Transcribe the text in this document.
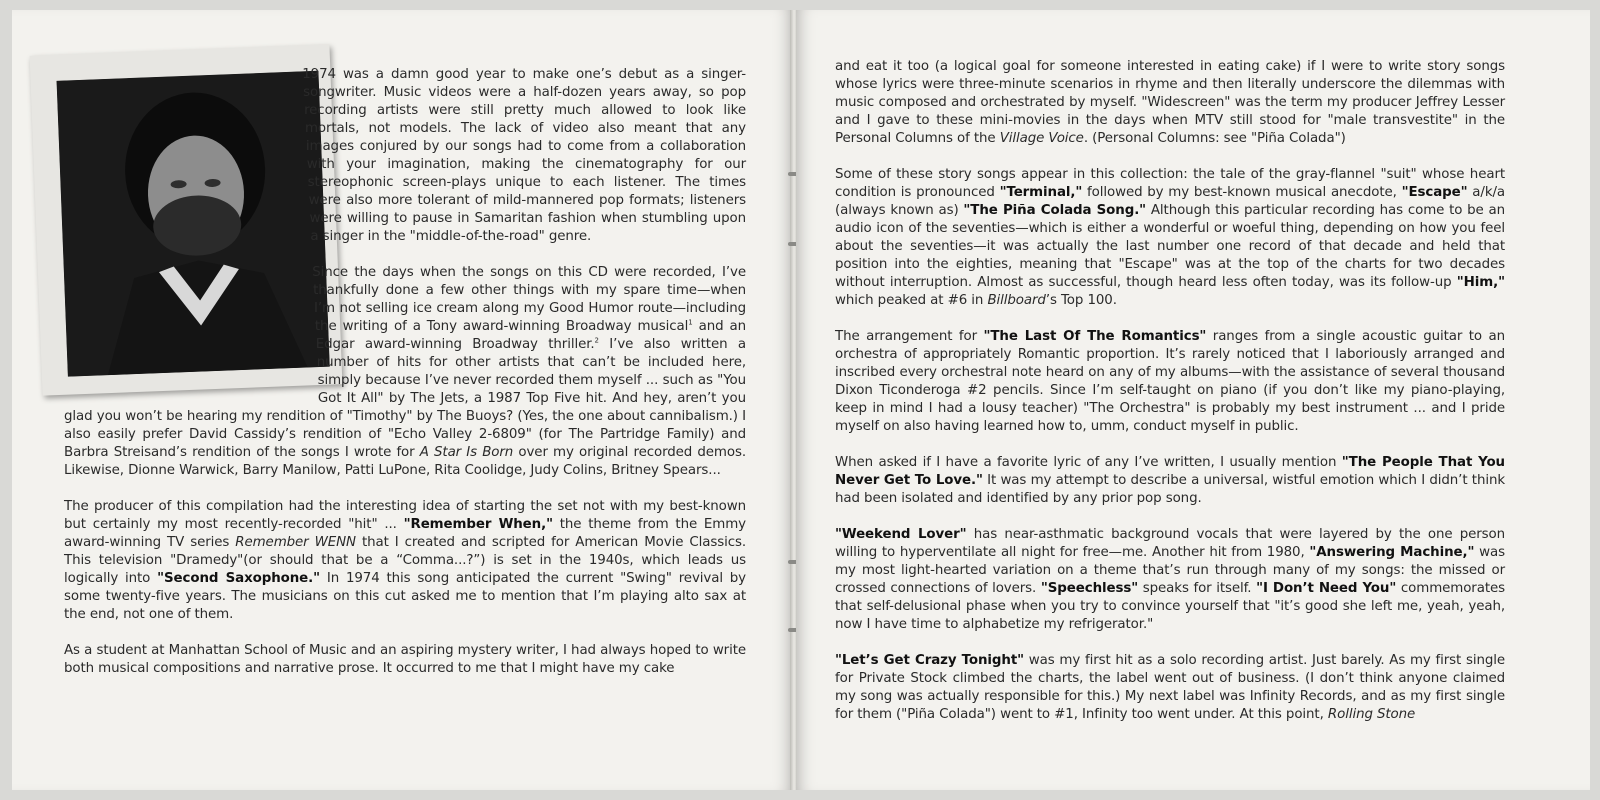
1974 was a damn good year to make one’s debut as a singer-songwriter. Music videos were a half-dozen years away, so pop recording artists were still pretty much allowed to look like mortals, not models. The lack of video also meant that any images conjured by our songs had to come from a collaboration with your imagination, making the cinematography for our stereophonic screen-plays unique to each listener. The times were also more tolerant of mild-mannered pop formats; listeners were willing to pause in Samaritan fashion when stumbling upon a singer in the "middle-of-the-road" genre.

Since the days when the songs on this CD were recorded, I’ve thankfully done a few other things with my spare time—when I’m not selling ice cream along my Good Humor route—including the writing of a Tony award-winning Broadway musical$^1$ and an Edgar award-winning Broadway thriller.$^2$ I’ve also written a number of hits for other artists that can’t be included here, simply because I’ve never recorded them myself ... such as "You Got It All" by The Jets, a 1987 Top Five hit. And hey, aren’t you glad you won’t be hearing my rendition of "Timothy" by The Buoys? (Yes, the one about cannibalism.) I also easily prefer David Cassidy’s rendition of "Echo Valley 2-6809" (for The Partridge Family) and Barbra Streisand’s rendition of the songs I wrote for A Star Is Born over my original recorded demos. Likewise, Dionne Warwick, Barry Manilow, Patti LuPone, Rita Coolidge, Judy Colins, Britney Spears...

The producer of this compilation had the interesting idea of starting the set not with my best-known but certainly my most recently-recorded "hit" ... "Remember When," the theme from the Emmy award-winning TV series Remember WENN that I created and scripted for American Movie Classics. This television "Dramedy"(or should that be a “Comma...?”) is set in the 1940s, which leads us logically into "Second Saxophone." In 1974 this song anticipated the current "Swing" revival by some twenty-five years. The musicians on this cut asked me to mention that I’m playing alto sax at the end, not one of them.

As a student at Manhattan School of Music and an aspiring mystery writer, I had always hoped to write both musical compositions and narrative prose. It occurred to me that I might have my cake

and eat it too (a logical goal for someone interested in eating cake) if I were to write story songs whose lyrics were three-minute scenarios in rhyme and then literally underscore the dilemmas with music composed and orchestrated by myself. "Widescreen" was the term my producer Jeffrey Lesser and I gave to these mini-movies in the days when MTV still stood for "male transvestite" in the Personal Columns of the Village Voice. (Personal Columns: see "Piña Colada")

Some of these story songs appear in this collection: the tale of the gray-flannel "suit" whose heart condition is pronounced "Terminal," followed by my best-known musical anecdote, "Escape" a/k/a (always known as) "The Piña Colada Song." Although this particular recording has come to be an audio icon of the seventies—which is either a wonderful or woeful thing, depending on how you feel about the seventies—it was actually the last number one record of that decade and held that position into the eighties, meaning that "Escape" was at the top of the charts for two decades without interruption. Almost as successful, though heard less often today, was its follow-up "Him," which peaked at #6 in Billboard’s Top 100.

The arrangement for "The Last Of The Romantics" ranges from a single acoustic guitar to an orchestra of appropriately Romantic proportion. It’s rarely noticed that I laboriously arranged and inscribed every orchestral note heard on any of my albums—with the assistance of several thousand Dixon Ticonderoga #2 pencils. Since I’m self-taught on piano (if you don’t like my piano-playing, keep in mind I had a lousy teacher) "The Orchestra" is probably my best instrument ... and I pride myself on also having learned how to, umm, conduct myself in public.

When asked if I have a favorite lyric of any I’ve written, I usually mention "The People That You Never Get To Love." It was my attempt to describe a universal, wistful emotion which I didn’t think had been isolated and identified by any prior pop song.

"Weekend Lover" has near-asthmatic background vocals that were layered by the one person willing to hyperventilate all night for free—me. Another hit from 1980, "Answering Machine," was my most light-hearted variation on a theme that’s run through many of my songs: the missed or crossed connections of lovers. "Speechless" speaks for itself. "I Don’t Need You" commemorates that self-delusional phase when you try to convince yourself that "it’s good she left me, yeah, yeah, now I have time to alphabetize my refrigerator."

"Let’s Get Crazy Tonight" was my first hit as a solo recording artist. Just barely. As my first single for Private Stock climbed the charts, the label went out of business. (I don’t think anyone claimed my song was actually responsible for this.) My next label was Infinity Records, and as my first single for them ("Piña Colada") went to #1, Infinity too went under. At this point, Rolling Stone
